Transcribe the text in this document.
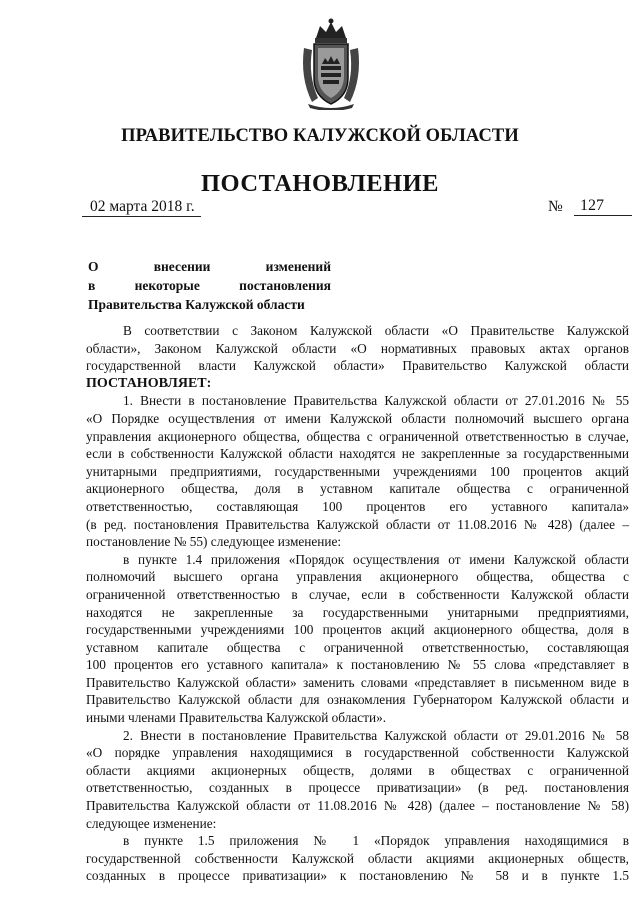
ПРАВИТЕЛЬСТВО КАЛУЖСКОЙ ОБЛАСТИ
ПОСТАНОВЛЕНИЕ
02 марта 2018 г.	№	127
О	внесении	изменений
в	некоторые	постановления
Правительства Калужской области

В соответствии с Законом Калужской области «О Правительстве Калужской

области», Законом Калужской области «О нормативных правовых актах органов

государственной власти Калужской области» Правительство Калужской области

ПОСТАНОВЛЯЕТ:

1. Внести в постановление Правительства Калужской области от 27.01.2016 № 55

«О Порядке осуществления от имени Калужской области полномочий высшего органа

управления акционерного общества, общества с ограниченной ответственностью в случае,

если в собственности Калужской области находятся не закрепленные за государственными

унитарными предприятиями, государственными учреждениями 100 процентов акций

акционерного общества, доля в уставном капитале общества с ограниченной

ответственностью, составляющая 100 процентов его уставного капитала»

(в ред. постановления Правительства Калужской области от 11.08.2016 № 428) (далее –

постановление № 55) следующее изменение:

в пункте 1.4 приложения «Порядок осуществления от имени Калужской области

полномочий высшего органа управления акционерного общества, общества с

ограниченной ответственностью в случае, если в собственности Калужской области

находятся не закрепленные за государственными унитарными предприятиями,

государственными учреждениями 100 процентов акций акционерного общества, доля в

уставном капитале общества с ограниченной ответственностью, составляющая

100 процентов его уставного капитала» к постановлению № 55 слова «представляет в

Правительство Калужской области» заменить словами «представляет в письменном виде в

Правительство Калужской области для ознакомления Губернатором Калужской области и

иными членами Правительства Калужской области».

2. Внести в постановление Правительства Калужской области от 29.01.2016 № 58

«О порядке управления находящимися в государственной собственности Калужской

области акциями акционерных обществ, долями в обществах с ограниченной

ответственностью, созданных в процессе приватизации» (в ред. постановления

Правительства Калужской области от 11.08.2016 № 428) (далее – постановление № 58)

следующее изменение:

в пункте 1.5 приложения № 1 «Порядок управления находящимися в

государственной собственности Калужской области акциями акционерных обществ,

созданных в процессе приватизации» к постановлению № 58 и в пункте 1.5
